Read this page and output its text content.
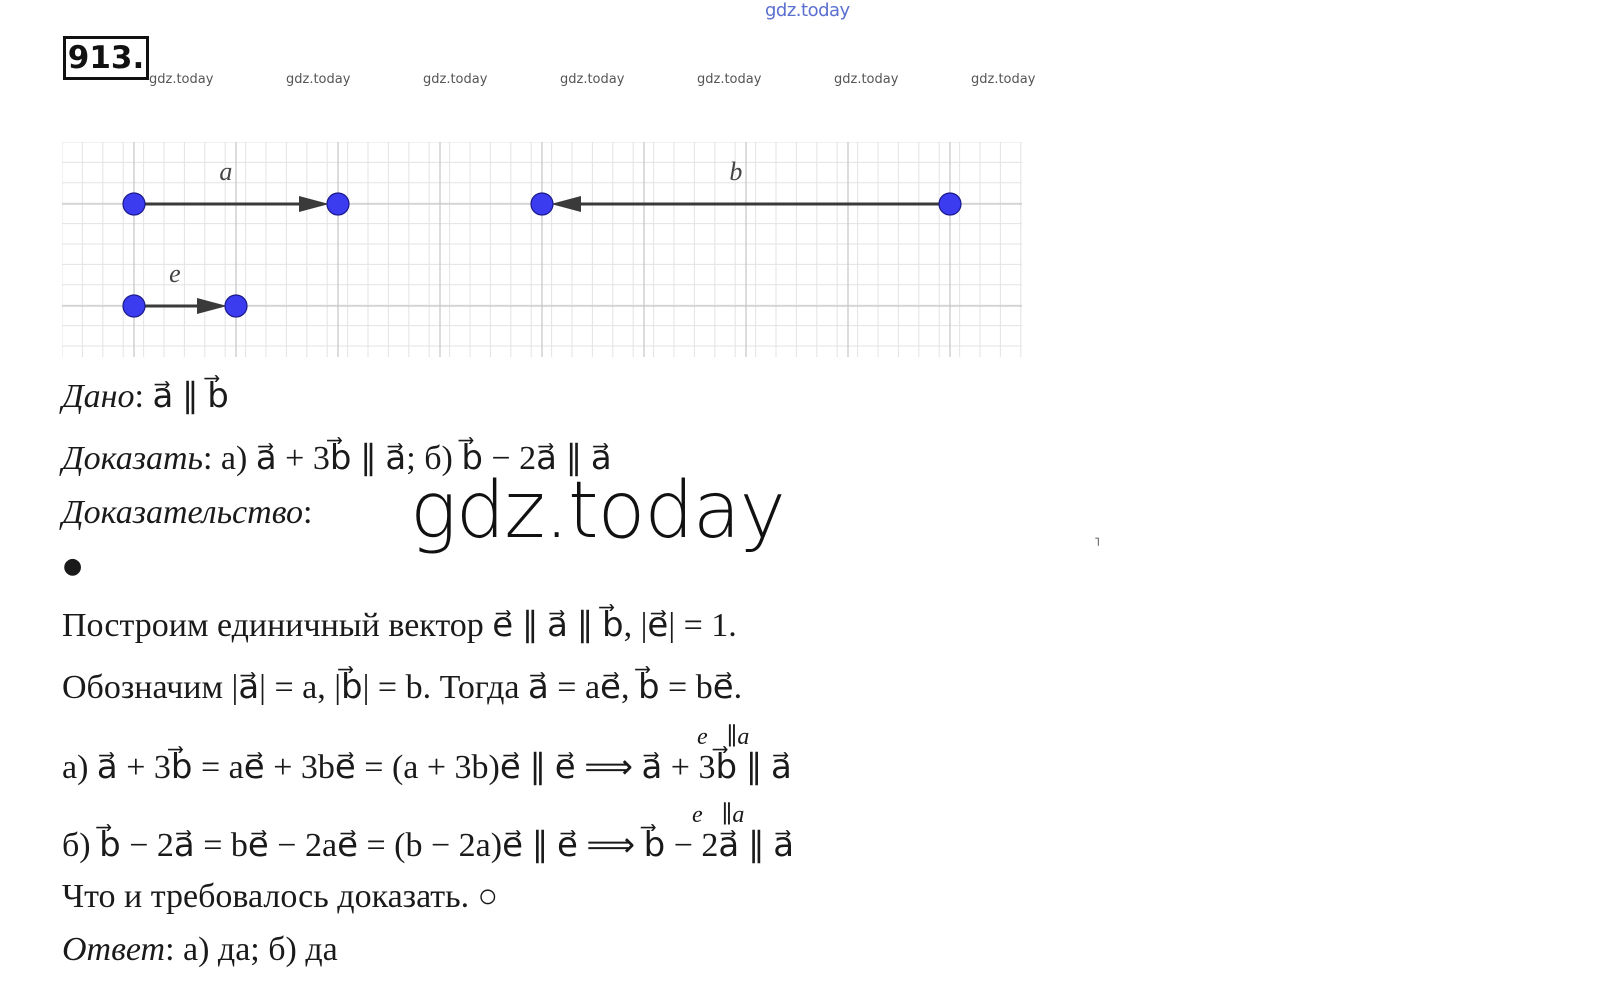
gdz.today
913.
gdz.today	gdz.today	gdz.today	gdz.today	gdz.today	gdz.today	gdz.today
a⃗	b⃗
e⃗
Дано: a⃗ ∥ b⃗
Доказать: а) a⃗ + 3b⃗ ∥ a⃗; б) b⃗ − 2a⃗ ∥ a⃗
Доказательство: gdz.today	˥
●
Построим единичный вектор e⃗ ∥ a⃗ ∥ b⃗, |e⃗| = 1.
Обозначим |a⃗| = a, |b⃗| = b. Тогда a⃗ = ae⃗, b⃗ = be⃗.
e⃗∥a⃗
а) a⃗ + 3b⃗ = ae⃗ + 3be⃗ = (a + 3b)e⃗ ∥ e⃗ ⟹ a⃗ + 3b⃗ ∥ a⃗
e⃗∥a⃗
б) b⃗ − 2a⃗ = be⃗ − 2ae⃗ = (b − 2a)e⃗ ∥ e⃗ ⟹ b⃗ − 2a⃗ ∥ a⃗
Что и требовалось доказать. ○
Ответ: а) да; б) да
